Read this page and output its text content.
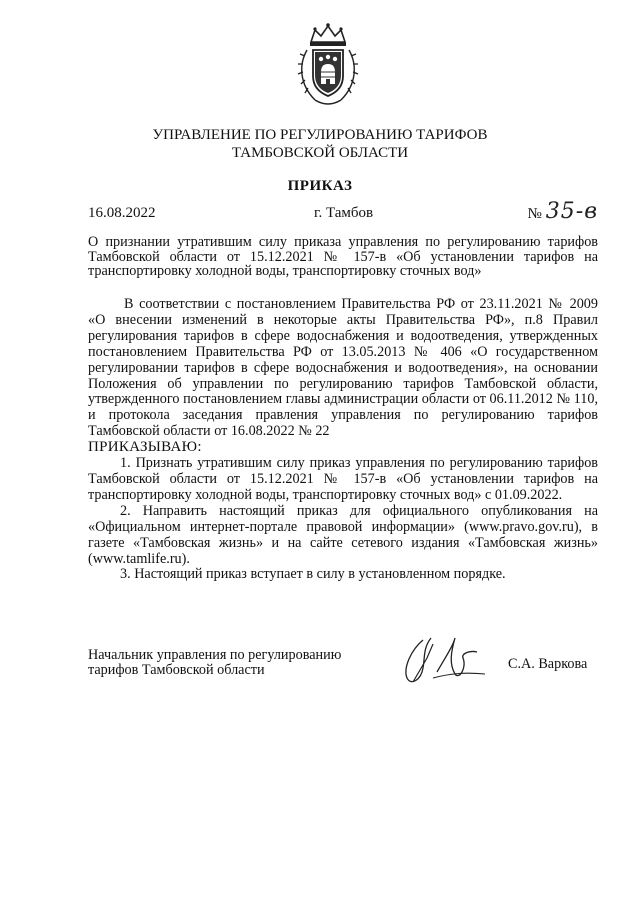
УПРАВЛЕНИЕ ПО РЕГУЛИРОВАНИЮ ТАРИФОВ
ТАМБОВСКОЙ ОБЛАСТИ
ПРИКАЗ
16.08.2022	г. Тамбов	№ 35-в
О признании утратившим силу приказа управления по регулированию тарифов Тамбовской области от 15.12.2021 № 157-в «Об установлении тарифов на транспортировку холодной воды, транспортировку сточных вод»

В соответствии с постановлением Правительства РФ от 23.11.2021 № 2009 «О внесении изменений в некоторые акты Правительства РФ», п.8 Правил регулирования тарифов в сфере водоснабжения и водоотведения, утвержденных постановлением Правительства РФ от 13.05.2013 № 406 «О государственном регулировании тарифов в сфере водоснабжения и водоотведения», на основании Положения об управлении по регулированию тарифов Тамбовской области, утвержденного постановлением главы администрации области от 06.11.2012 № 110, и протокола заседания правления управления по регулированию тарифов Тамбовской области от 16.08.2022 № 22

ПРИКАЗЫВАЮ:

1. Признать утратившим силу приказ управления по регулированию тарифов Тамбовской области от 15.12.2021 № 157-в «Об установлении тарифов на транспортировку холодной воды, транспортировку сточных вод» с 01.09.2022.

2. Направить настоящий приказ для официального опубликования на «Официальном интернет-портале правовой информации» (www.pravo.gov.ru), в газете «Тамбовская жизнь» и на сайте сетевого издания «Тамбовская жизнь» (www.tamlife.ru).

3. Настоящий приказ вступает в силу в установленном порядке.

Начальник управления по регулированию
тарифов Тамбовской области	С.А. Варкова
